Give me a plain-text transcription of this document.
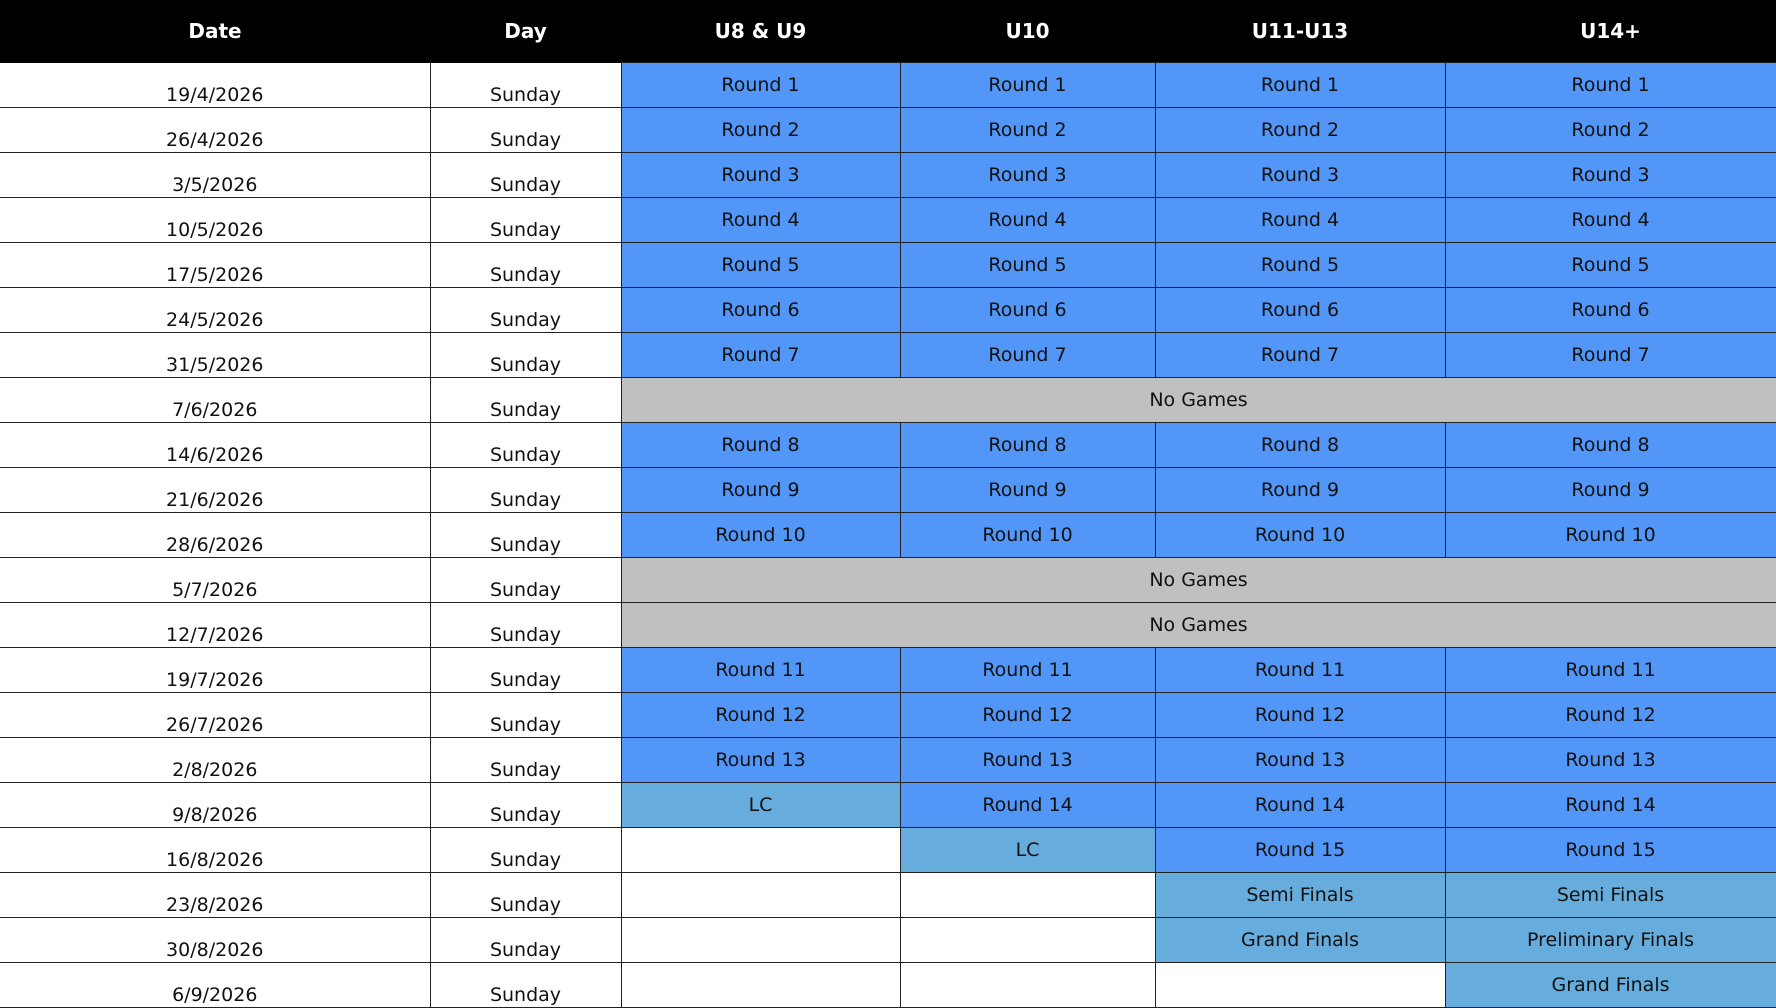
Date	Day	U8 & U9	U10	U11-U13	U14+
19/4/2026	Sunday	Round 1	Round 1	Round 1	Round 1
26/4/2026	Sunday	Round 2	Round 2	Round 2	Round 2
3/5/2026	Sunday	Round 3	Round 3	Round 3	Round 3
10/5/2026	Sunday	Round 4	Round 4	Round 4	Round 4
17/5/2026	Sunday	Round 5	Round 5	Round 5	Round 5
24/5/2026	Sunday	Round 6	Round 6	Round 6	Round 6
31/5/2026	Sunday	Round 7	Round 7	Round 7	Round 7
7/6/2026	Sunday	No Games			
14/6/2026	Sunday	Round 8	Round 8	Round 8	Round 8
21/6/2026	Sunday	Round 9	Round 9	Round 9	Round 9
28/6/2026	Sunday	Round 10	Round 10	Round 10	Round 10
5/7/2026	Sunday	No Games			
12/7/2026	Sunday	No Games			
19/7/2026	Sunday	Round 11	Round 11	Round 11	Round 11
26/7/2026	Sunday	Round 12	Round 12	Round 12	Round 12
2/8/2026	Sunday	Round 13	Round 13	Round 13	Round 13
9/8/2026	Sunday	LC	Round 14	Round 14	Round 14
16/8/2026	Sunday		LC	Round 15	Round 15
23/8/2026	Sunday			Semi Finals	Semi Finals
30/8/2026	Sunday			Grand Finals	Preliminary Finals
6/9/2026	Sunday				Grand Finals
